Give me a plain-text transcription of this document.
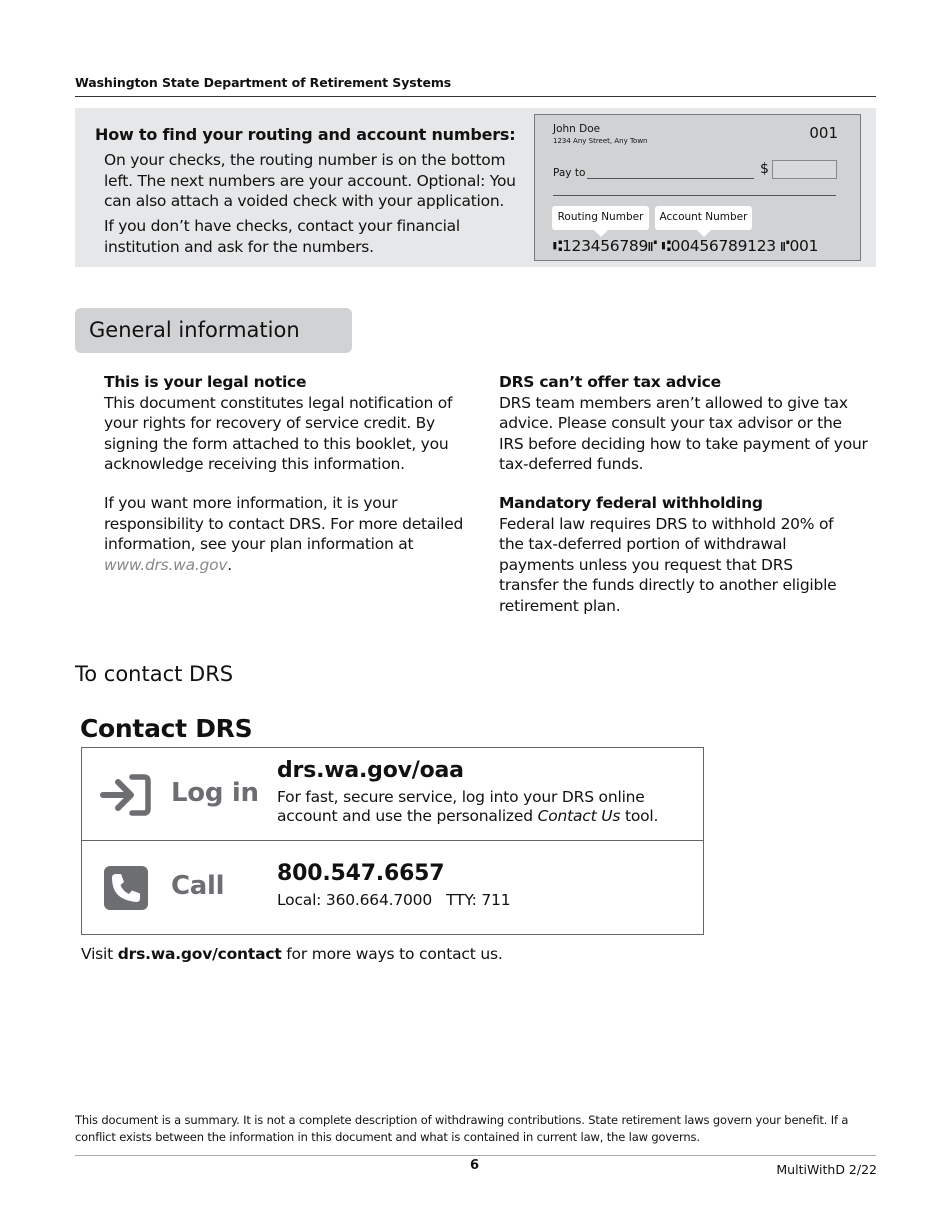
Washington State Department of Retirement Systems
How to find your routing and account numbers:
On your checks, the routing number is on the bottom left. The next numbers are your account. Optional: You can also attach a voided check with your application.
If you don’t have checks, contact your financial institution and ask for the numbers.
John Doe
1234 Any Street, Any Town	001
Pay to	$
Routing Number	Account Number
⑆123456789⑈ ⑆00456789123 ⑈001
General information
This is your legal notice

This document constitutes legal notification of your rights for recovery of service credit. By signing the form attached to this booklet, you acknowledge receiving this information.

If you want more information, it is your responsibility to contact DRS. For more detailed information, see your plan information at www.drs.wa.gov.

DRS can’t offer tax advice

DRS team members aren’t allowed to give tax advice. Please consult your tax advisor or the IRS before deciding how to take payment of your tax-deferred funds.

Mandatory federal withholding

Federal law requires DRS to withhold 20% of the tax-deferred portion of withdrawal payments unless you request that DRS transfer the funds directly to another eligible retirement plan.

To contact DRS
Contact DRS
Log in
drs.wa.gov/oaa
For fast, secure service, log into your DRS online account and use the personalized Contact Us tool.
Call 800.547.6657
Local: 360.664.7000   TTY: 711
Visit drs.wa.gov/contact for more ways to contact us.
This document is a summary. It is not a complete description of withdrawing contributions. State retirement laws govern your benefit. If a conflict exists between the information in this document and what is contained in current law, the law governs.
6	MultiWithD 2/22
